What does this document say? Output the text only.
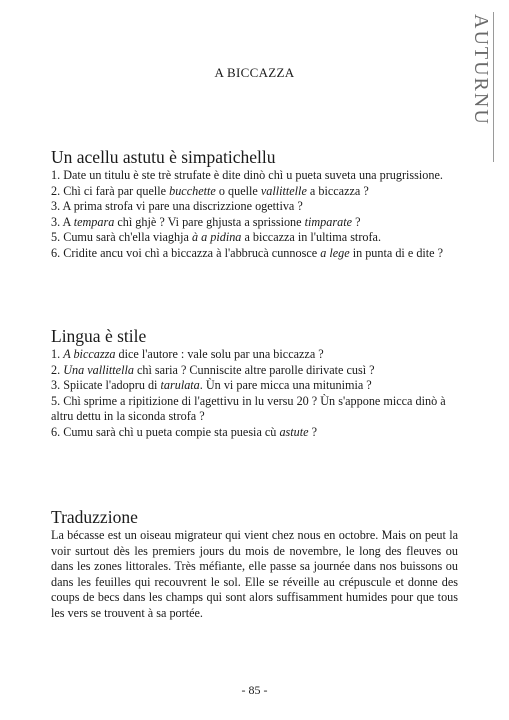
AUTURNU
A BICCAZZA
Un acellu astutu è simpatichellu

1. Date un titulu è ste trè strufate è dite dinò chì u pueta suveta una prugrissione.

2. Chì ci farà par quelle bucchette o quelle vallittelle a biccazza ?

3. A prima strofa vi pare una discrizzione ogettiva ?

3. A tempara chì ghjè ? Vi pare ghjusta a sprissione timparate ?

5. Cumu sarà ch'ella viaghja à a pidina a biccazza in l'ultima strofa.

6. Cridite ancu voi chì a biccazza à l'abbrucà cunnosce a lege in punta di e dite ?

Lingua è stile

1. A biccazza dice l'autore : vale solu par una biccazza ?

2. Una vallittella chì saria ? Cunniscite altre parolle dirivate cusì ?

3. Spiicate l'adopru di tarulata. Ùn vi pare micca una mitunimia ?

5. Chì sprime a ripitizione di l'agettivu in lu versu 20 ? Ùn s'appone micca dinò à altru dettu in la siconda strofa ?

6. Cumu sarà chì u pueta compie sta puesia cù astute ?

Traduzzione

La bécasse est un oiseau migrateur qui vient chez nous en octobre. Mais on peut la voir surtout dès les premiers jours du mois de novembre, le long des fleuves ou dans les zones littorales. Très méfiante, elle passe sa journée dans nos buissons ou dans les feuilles qui recouvrent le sol. Elle se réveille au crépuscule et donne des coups de becs dans les champs qui sont alors suffisamment humides pour que tous les vers se trouvent à sa portée.

- 85 -
